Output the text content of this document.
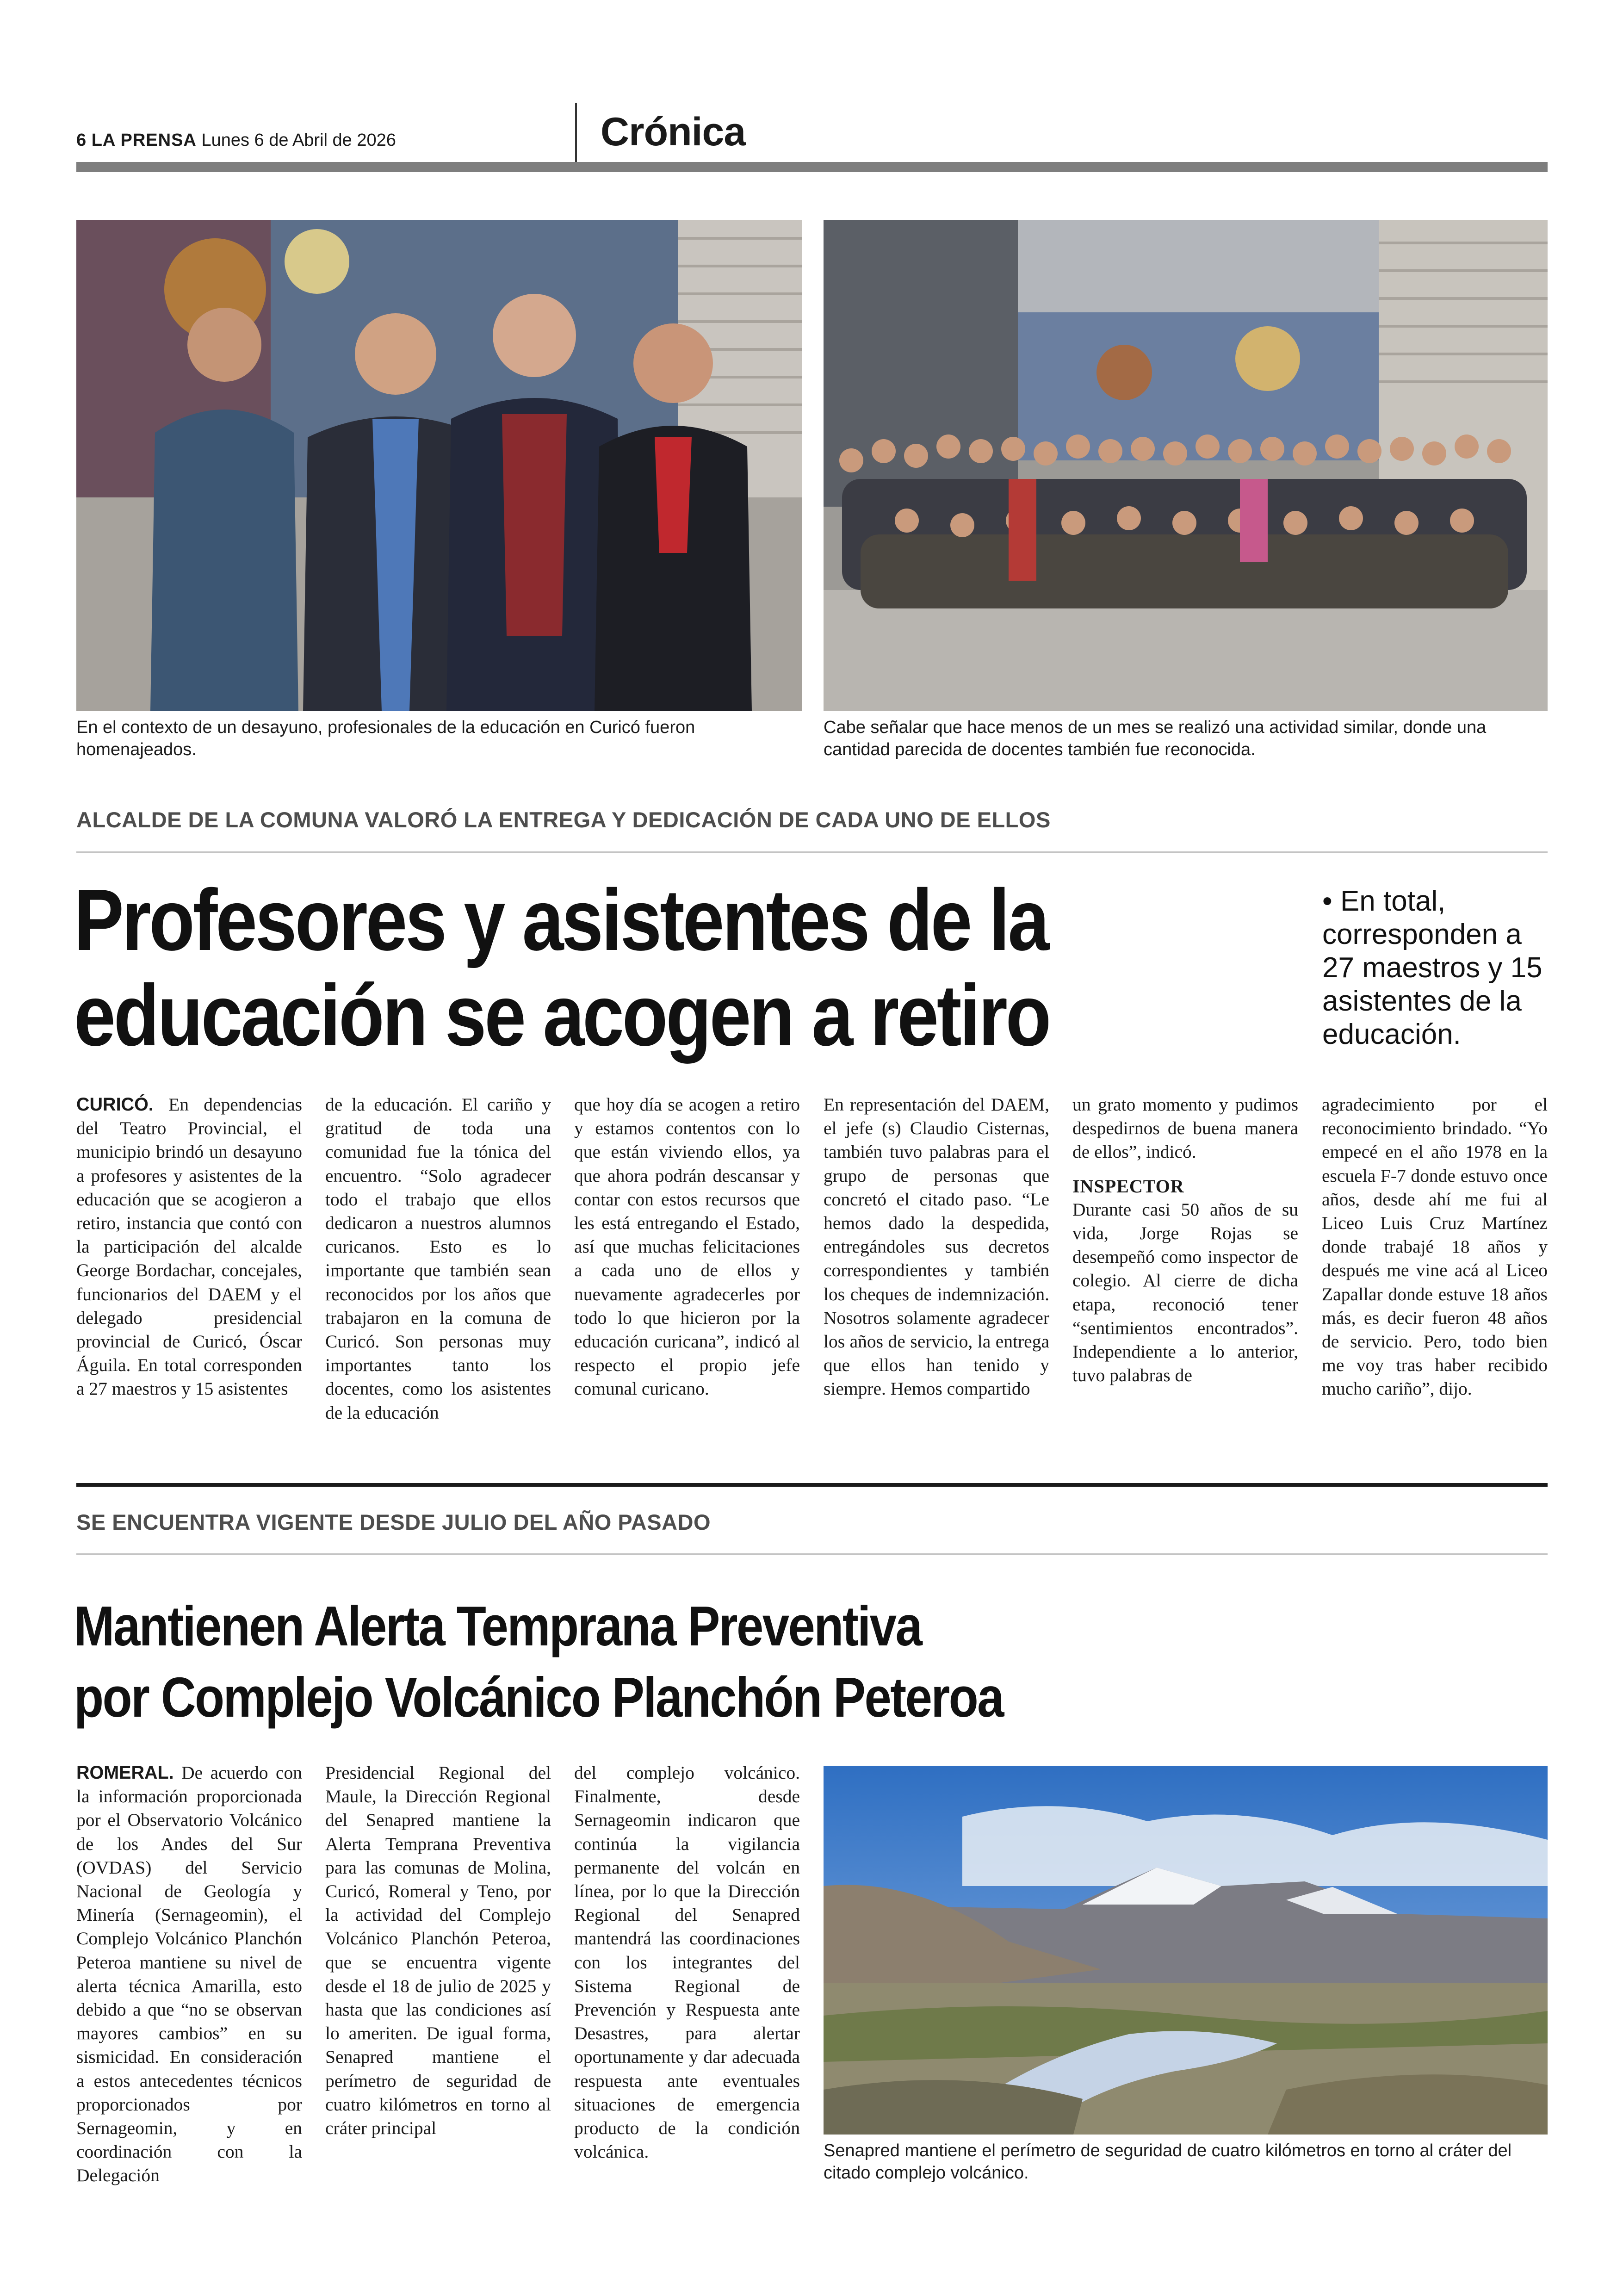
6 LA PRENSA Lunes 6 de Abril de 2026	Crónica
En el contexto de un desayuno, profesionales de la educación en Curicó fueron homenajeados.
Cabe señalar que hace menos de un mes se realizó una actividad similar, donde una cantidad parecida de docentes también fue reconocida.
ALCALDE DE LA COMUNA VALORÓ LA ENTREGA Y DEDICACIÓN DE CADA UNO DE ELLOS
Profesores y asistentes de la
educación se acogen a retiro
• En total, corresponden a 27 maestros y 15 asistentes de la educación.
CURICÓ. En dependencias del Teatro Provincial, el municipio brindó un desayuno a profesores y asistentes de la educación que se acogieron a retiro, instancia que contó con la participación del alcalde George Bordachar, concejales, funcionarios del DAEM y el delegado presidencial provincial de Curicó, Óscar Águila. En total corresponden a 27 maestros y 15 asistentes
de la educación. El cariño y gratitud de toda una comunidad fue la tónica del encuentro. “Solo agradecer todo el trabajo que ellos dedicaron a nuestros alumnos curicanos. Esto es lo importante que también sean reconocidos por los años que trabajaron en la comuna de Curicó. Son personas muy importantes tanto los docentes, como los asistentes de la educación
que hoy día se acogen a retiro y estamos contentos con lo que están viviendo ellos, ya que ahora podrán descansar y contar con estos recursos que les está entregando el Estado, así que muchas felicitaciones a cada uno de ellos y nuevamente agradecerles por todo lo que hicieron por la educación curicana”, indicó al respecto el propio jefe comunal curicano.
En representación del DAEM, el jefe (s) Claudio Cisternas, también tuvo palabras para el grupo de personas que concretó el citado paso. “Le hemos dado la despedida, entregándoles sus decretos correspondientes y también los cheques de indemnización. Nosotros solamente agradecer los años de servicio, la entrega que ellos han tenido y siempre. Hemos compartido
un grato momento y pudimos despedirnos de buena manera de ellos”, indicó.
INSPECTOR
Durante casi 50 años de su vida, Jorge Rojas se desempeñó como inspector de colegio. Al cierre de dicha etapa, reconoció tener “sentimientos encontrados”. Independiente a lo anterior, tuvo palabras de
agradecimiento por el reconocimiento brindado. “Yo empecé en el año 1978 en la escuela F-7 donde estuvo once años, desde ahí me fui al Liceo Luis Cruz Martínez donde trabajé 18 años y después me vine acá al Liceo Zapallar donde estuve 18 años más, es decir fueron 48 años de servicio. Pero, todo bien me voy tras haber recibido mucho cariño”, dijo.
SE ENCUENTRA VIGENTE DESDE JULIO DEL AÑO PASADO
Mantienen Alerta Temprana Preventiva
por Complejo Volcánico Planchón Peteroa
ROMERAL. De acuerdo con la información proporcionada por el Observatorio Volcánico de los Andes del Sur (OVDAS) del Servicio Nacional de Geología y Minería (Sernageomin), el Complejo Volcánico Planchón Peteroa mantiene su nivel de alerta técnica Amarilla, esto debido a que “no se observan mayores cambios” en su sismicidad. En consideración a estos antecedentes técnicos proporcionados por Sernageomin, y en coordinación con la Delegación
Presidencial Regional del Maule, la Dirección Regional del Senapred mantiene la Alerta Temprana Preventiva para las comunas de Molina, Curicó, Romeral y Teno, por la actividad del Complejo Volcánico Planchón Peteroa, que se encuentra vigente desde el 18 de julio de 2025 y hasta que las condiciones así lo ameriten. De igual forma, Senapred mantiene el perímetro de seguridad de cuatro kilómetros en torno al cráter principal
del complejo volcánico. Finalmente, desde Sernageomin indicaron que continúa la vigilancia permanente del volcán en línea, por lo que la Dirección Regional del Senapred mantendrá las coordinaciones con los integrantes del Sistema Regional de Prevención y Respuesta ante Desastres, para alertar oportunamente y dar adecuada respuesta ante eventuales situaciones de emergencia producto de la condición volcánica.	Senapred mantiene el perímetro de seguridad de cuatro kilómetros en torno al cráter del citado complejo volcánico.
